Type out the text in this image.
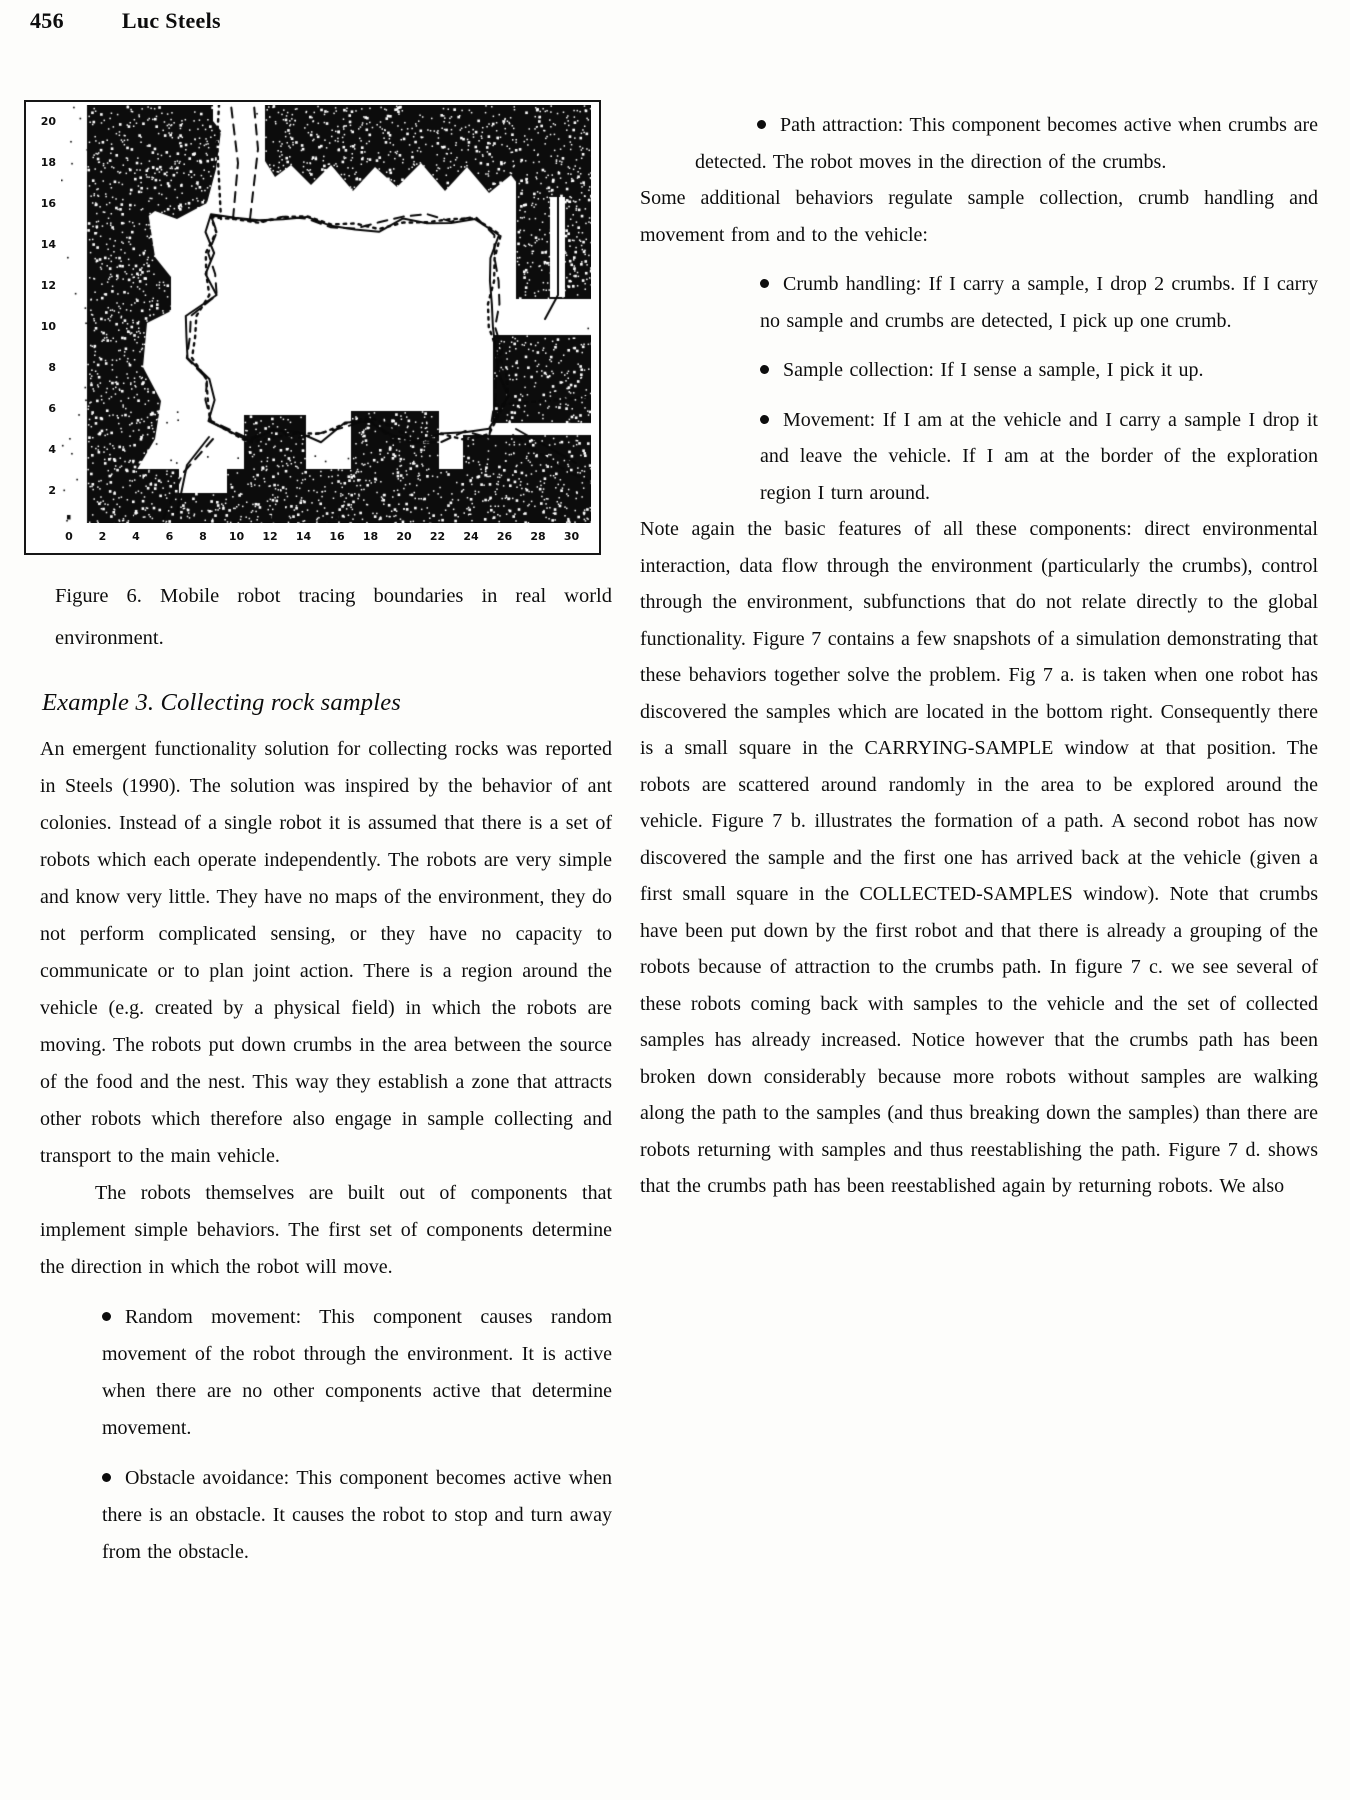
456	Luc Steels
20
18
16
14
12
10
8
6
4
2
0	2	4	6	8	10 12 14 16 18 20 22 24 26 28 30

Figure 6. Mobile robot tracing boundaries in real world environment.

Example 3. Collecting rock samples

An emergent functionality solution for collecting rocks was reported in Steels (1990). The solution was inspired by the behavior of ant colonies. Instead of a single robot it is assumed that there is a set of robots which each operate independently. The robots are very simple and know very little. They have no maps of the environment, they do not perform complicated sensing, or they have no capacity to communicate or to plan joint action. There is a region around the vehicle (e.g. created by a physical field) in which the robots are moving. The robots put down crumbs in the area between the source of the food and the nest. This way they establish a zone that attracts other robots which therefore also engage in sample collecting and transport to the main vehicle.

The robots themselves are built out of components that implement simple behaviors. The first set of components determine the direction in which the robot will move.

Random movement: This component causes random movement of the robot through the environment. It is active when there are no other components active that determine movement.

Obstacle avoidance: This component becomes active when there is an obstacle. It causes the robot to stop and turn away from the obstacle.

Path attraction: This component becomes active when crumbs are detected. The robot moves in the direction of the crumbs.

Some additional behaviors regulate sample collection, crumb handling and movement from and to the vehicle:

Crumb handling: If I carry a sample, I drop 2 crumbs. If I carry no sample and crumbs are detected, I pick up one crumb.

Sample collection: If I sense a sample, I pick it up.

Movement: If I am at the vehicle and I carry a sample I drop it and leave the vehicle. If I am at the border of the exploration region I turn around.

Note again the basic features of all these components: direct environmental interaction, data flow through the environment (particularly the crumbs), control through the environment, subfunctions that do not relate directly to the global functionality. Figure 7 contains a few snapshots of a simulation demonstrating that these behaviors together solve the problem. Fig 7 a. is taken when one robot has discovered the samples which are located in the bottom right. Consequently there is a small square in the CARRYING-SAMPLE window at that position. The robots are scattered around randomly in the area to be explored around the vehicle. Figure 7 b. illustrates the formation of a path. A second robot has now discovered the sample and the first one has arrived back at the vehicle (given a first small square in the COLLECTED-SAMPLES window). Note that crumbs have been put down by the first robot and that there is already a grouping of the robots because of attraction to the crumbs path. In figure 7 c. we see several of these robots coming back with samples to the vehicle and the set of collected samples has already increased. Notice however that the crumbs path has been broken down considerably because more robots without samples are walking along the path to the samples (and thus breaking down the samples) than there are robots returning with samples and thus reestablishing the path. Figure 7 d. shows that the crumbs path has been reestablished again by returning robots. We also
